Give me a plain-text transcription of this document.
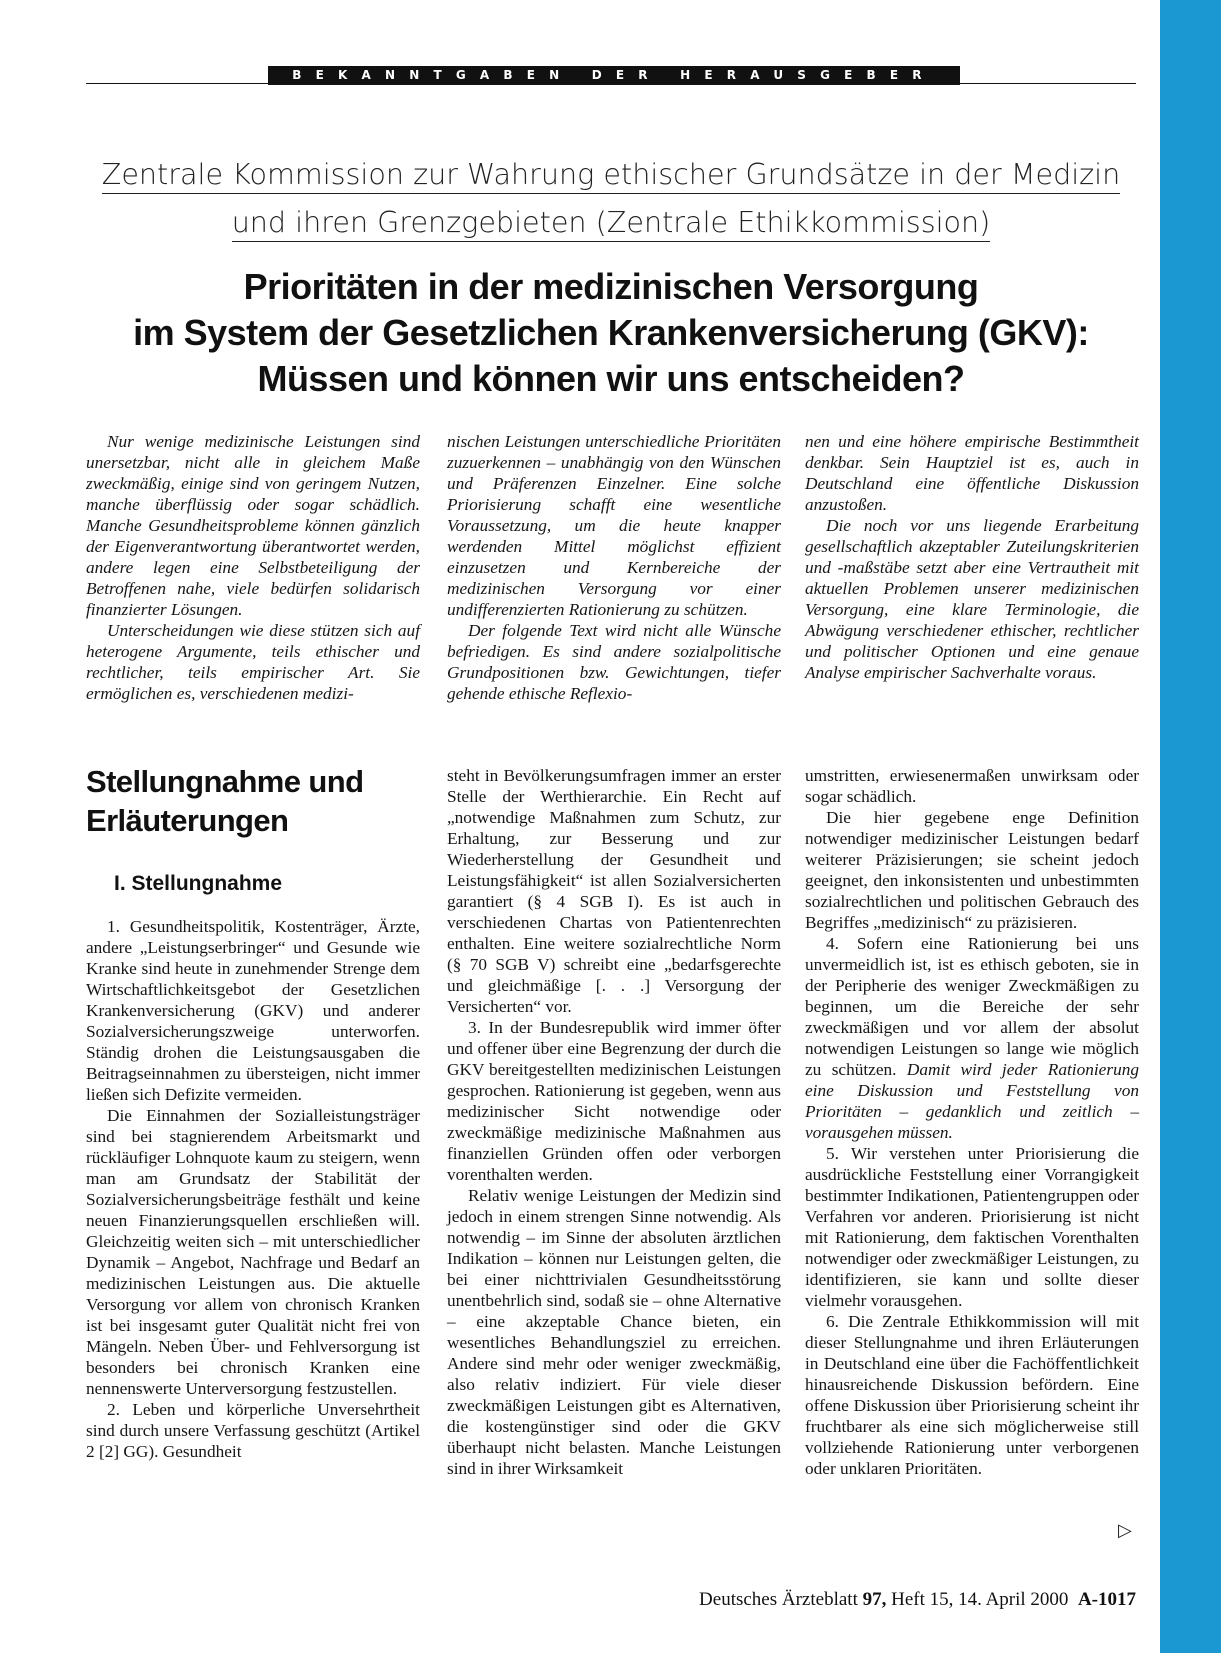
BEKANNTGABEN DER HERAUSGEBER
Zentrale Kommission zur Wahrung ethischer Grundsätze in der Medizin
und ihren Grenzgebieten (Zentrale Ethikkommission)
Prioritäten in der medizinischen Versorgung
im System der Gesetzlichen Krankenversicherung (GKV):
Müssen und können wir uns entscheiden?

Nur wenige medizinische Leistungen sind unersetzbar, nicht alle in gleichem Maße zweckmäßig, einige sind von geringem Nutzen, manche überflüssig oder sogar schädlich. Manche Gesundheitsprobleme können gänzlich der Eigenverantwortung überantwortet werden, andere legen eine Selbstbeteiligung der Betroffenen nahe, viele bedürfen solidarisch finanzierter Lösungen.

Unterscheidungen wie diese stützen sich auf heterogene Argumente, teils ethischer und rechtlicher, teils empirischer Art. Sie ermöglichen es, verschiedenen medizi-

nischen Leistungen unterschiedliche Prioritäten zuzuerkennen – unabhängig von den Wünschen und Präferenzen Einzelner. Eine solche Priorisierung schafft eine wesentliche Voraussetzung, um die heute knapper werdenden Mittel möglichst effizient einzusetzen und Kernbereiche der medizinischen Versorgung vor einer undifferenzierten Rationierung zu schützen.

Der folgende Text wird nicht alle Wünsche befriedigen. Es sind andere sozialpolitische Grundpositionen bzw. Gewichtungen, tiefer gehende ethische Reflexio-

nen und eine höhere empirische Bestimmtheit denkbar. Sein Hauptziel ist es, auch in Deutschland eine öffentliche Diskussion anzustoßen.

Die noch vor uns liegende Erarbeitung gesellschaftlich akzeptabler Zuteilungskriterien und -maßstäbe setzt aber eine Vertrautheit mit aktuellen Problemen unserer medizinischen Versorgung, eine klare Terminologie, die Abwägung verschiedener ethischer, rechtlicher und politischer Optionen und eine genaue Analyse empirischer Sachverhalte voraus.

Stellungnahme und
Erläuterungen
I. Stellungnahme

1. Gesundheitspolitik, Kostenträger, Ärzte, andere „Leistungserbringer“ und Gesunde wie Kranke sind heute in zunehmender Strenge dem Wirtschaftlichkeitsgebot der Gesetzlichen Krankenversicherung (GKV) und anderer Sozialversicherungszweige unterworfen. Ständig drohen die Leistungsausgaben die Beitragseinnahmen zu übersteigen, nicht immer ließen sich Defizite vermeiden.

Die Einnahmen der Sozialleistungsträger sind bei stagnierendem Arbeitsmarkt und rückläufiger Lohnquote kaum zu steigern, wenn man am Grundsatz der Stabilität der Sozialversicherungsbeiträge festhält und keine neuen Finanzierungsquellen erschließen will. Gleichzeitig weiten sich – mit unterschiedlicher Dynamik – Angebot, Nachfrage und Bedarf an medizinischen Leistungen aus. Die aktuelle Versorgung vor allem von chronisch Kranken ist bei insgesamt guter Qualität nicht frei von Mängeln. Neben Über- und Fehlversorgung ist besonders bei chronisch Kranken eine nennenswerte Unterversorgung festzustellen.

2. Leben und körperliche Unversehrtheit sind durch unsere Verfassung geschützt (Artikel 2 [2] GG). Gesundheit

steht in Bevölkerungsumfragen immer an erster Stelle der Werthierarchie. Ein Recht auf „notwendige Maßnahmen zum Schutz, zur Erhaltung, zur Besserung und zur Wiederherstellung der Gesundheit und Leistungsfähigkeit“ ist allen Sozialversicherten garantiert (§ 4 SGB I). Es ist auch in verschiedenen Chartas von Patientenrechten enthalten. Eine weitere sozialrechtliche Norm (§ 70 SGB V) schreibt eine „bedarfsgerechte und gleichmäßige [. . .] Versorgung der Versicherten“ vor.

3. In der Bundesrepublik wird immer öfter und offener über eine Begrenzung der durch die GKV bereitgestellten medizinischen Leistungen gesprochen. Rationierung ist gegeben, wenn aus medizinischer Sicht notwendige oder zweckmäßige medizinische Maßnahmen aus finanziellen Gründen offen oder verborgen vorenthalten werden.

Relativ wenige Leistungen der Medizin sind jedoch in einem strengen Sinne notwendig. Als notwendig – im Sinne der absoluten ärztlichen Indikation – können nur Leistungen gelten, die bei einer nichttrivialen Gesundheitsstörung unentbehrlich sind, sodaß sie – ohne Alternative – eine akzeptable Chance bieten, ein wesentliches Behandlungsziel zu erreichen. Andere sind mehr oder weniger zweckmäßig, also relativ indiziert. Für viele dieser zweckmäßigen Leistungen gibt es Alternativen, die kostengünstiger sind oder die GKV überhaupt nicht belasten. Manche Leistungen sind in ihrer Wirksamkeit

umstritten, erwiesenermaßen unwirksam oder sogar schädlich.

Die hier gegebene enge Definition notwendiger medizinischer Leistungen bedarf weiterer Präzisierungen; sie scheint jedoch geeignet, den inkonsistenten und unbestimmten sozialrechtlichen und politischen Gebrauch des Begriffes „medizinisch“ zu präzisieren.

4. Sofern eine Rationierung bei uns unvermeidlich ist, ist es ethisch geboten, sie in der Peripherie des weniger Zweckmäßigen zu beginnen, um die Bereiche der sehr zweckmäßigen und vor allem der absolut notwendigen Leistungen so lange wie möglich zu schützen. Damit wird jeder Rationierung eine Diskussion und Feststellung von Prioritäten – gedanklich und zeitlich – vorausgehen müssen.

5. Wir verstehen unter Priorisierung die ausdrückliche Feststellung einer Vorrangigkeit bestimmter Indikationen, Patientengruppen oder Verfahren vor anderen. Priorisierung ist nicht mit Rationierung, dem faktischen Vorenthalten notwendiger oder zweckmäßiger Leistungen, zu identifizieren, sie kann und sollte dieser vielmehr vorausgehen.

6. Die Zentrale Ethikkommission will mit dieser Stellungnahme und ihren Erläuterungen in Deutschland eine über die Fachöffentlichkeit hinausreichende Diskussion befördern. Eine offene Diskussion über Priorisierung scheint ihr fruchtbarer als eine sich möglicherweise still vollziehende Rationierung unter verborgenen oder unklaren Prioritäten.

▷
Deutsches Ärzteblatt 97, Heft 15, 14. April 2000 A-1017
